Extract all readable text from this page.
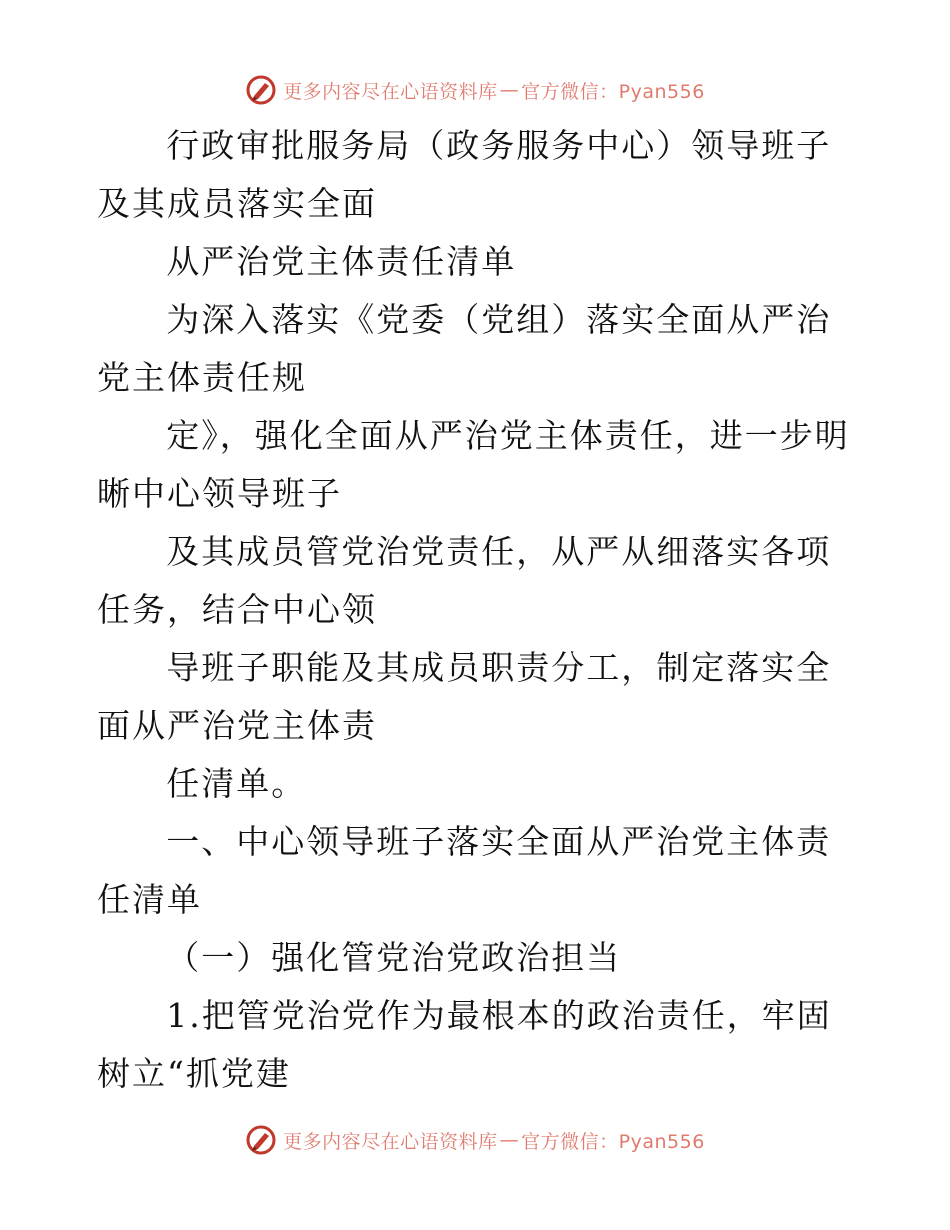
更多内容尽在心语资料库 — 官方微信：Pyan556

行政审批服务局（政务服务中心）领导班子及其成员落实全面

从严治党主体责任清单

为深入落实《党委（党组）落实全面从严治党主体责任规

定》，强化全面从严治党主体责任，进一步明晰中心领导班子

及其成员管党治党责任，从严从细落实各项任务，结合中心领

导班子职能及其成员职责分工，制定落实全面从严治党主体责

任清单。

一、中心领导班子落实全面从严治党主体责任清单

（一）强化管党治党政治担当

1.把管党治党作为最根本的政治责任，牢固树立“抓党建

更多内容尽在心语资料库 — 官方微信：Pyan556
